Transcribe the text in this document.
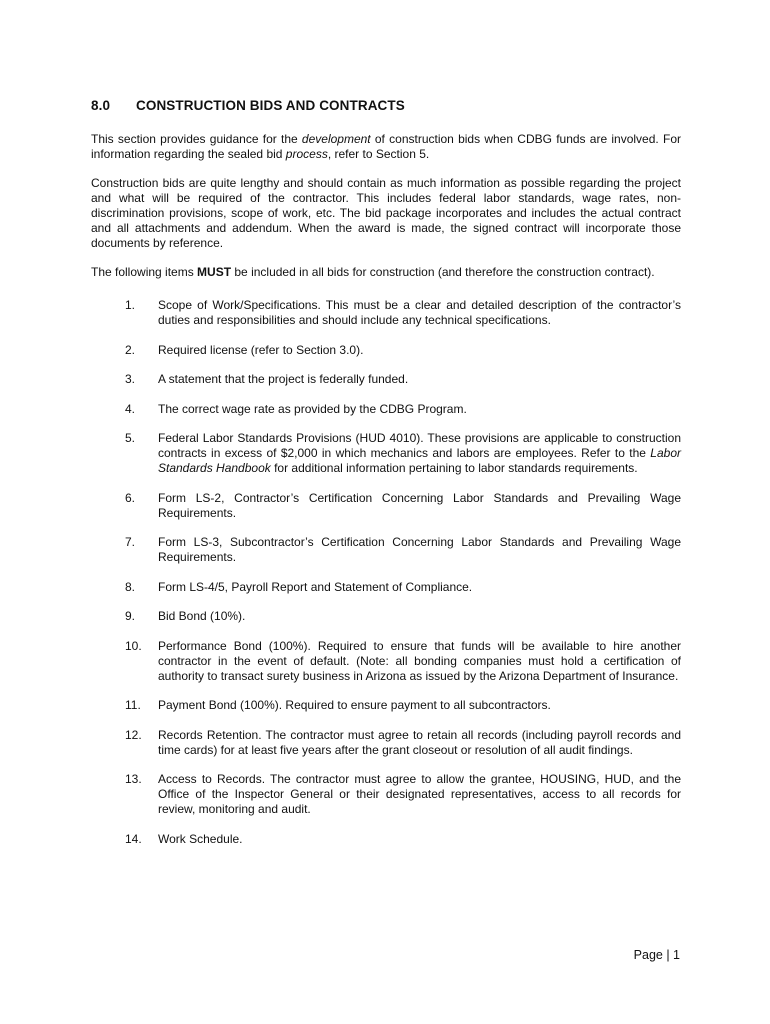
8.0 CONSTRUCTION BIDS AND CONTRACTS

This section provides guidance for the development of construction bids when CDBG funds are involved. For information regarding the sealed bid process, refer to Section 5.

Construction bids are quite lengthy and should contain as much information as possible regarding the project and what will be required of the contractor. This includes federal labor standards, wage rates, non-discrimination provisions, scope of work, etc. The bid package incorporates and includes the actual contract and all attachments and addendum. When the award is made, the signed contract will incorporate those documents by reference.

The following items MUST be included in all bids for construction (and therefore the construction contract).

1.	Scope of Work/Specifications. This must be a clear and detailed description of the contractor’s duties and responsibilities and should include any technical specifications.
2.	Required license (refer to Section 3.0).
3.	A statement that the project is federally funded.
4.	The correct wage rate as provided by the CDBG Program.
5.	Federal Labor Standards Provisions (HUD 4010). These provisions are applicable to construction contracts in excess of $2,000 in which mechanics and labors are employees. Refer to the Labor Standards Handbook for additional information pertaining to labor standards requirements.
6.	Form LS-2, Contractor’s Certification Concerning Labor Standards and Prevailing Wage Requirements.
7.	Form LS-3, Subcontractor’s Certification Concerning Labor Standards and Prevailing Wage Requirements.
8.	Form LS-4/5, Payroll Report and Statement of Compliance.
9.	Bid Bond (10%).
10.	Performance Bond (100%). Required to ensure that funds will be available to hire another contractor in the event of default. (Note: all bonding companies must hold a certification of authority to transact surety business in Arizona as issued by the Arizona Department of Insurance.
11.	Payment Bond (100%). Required to ensure payment to all subcontractors.
12.	Records Retention. The contractor must agree to retain all records (including payroll records and time cards) for at least five years after the grant closeout or resolution of all audit findings.
13.	Access to Records. The contractor must agree to allow the grantee, HOUSING, HUD, and the Office of the Inspector General or their designated representatives, access to all records for review, monitoring and audit.
14.	Work Schedule.
Page | 1
